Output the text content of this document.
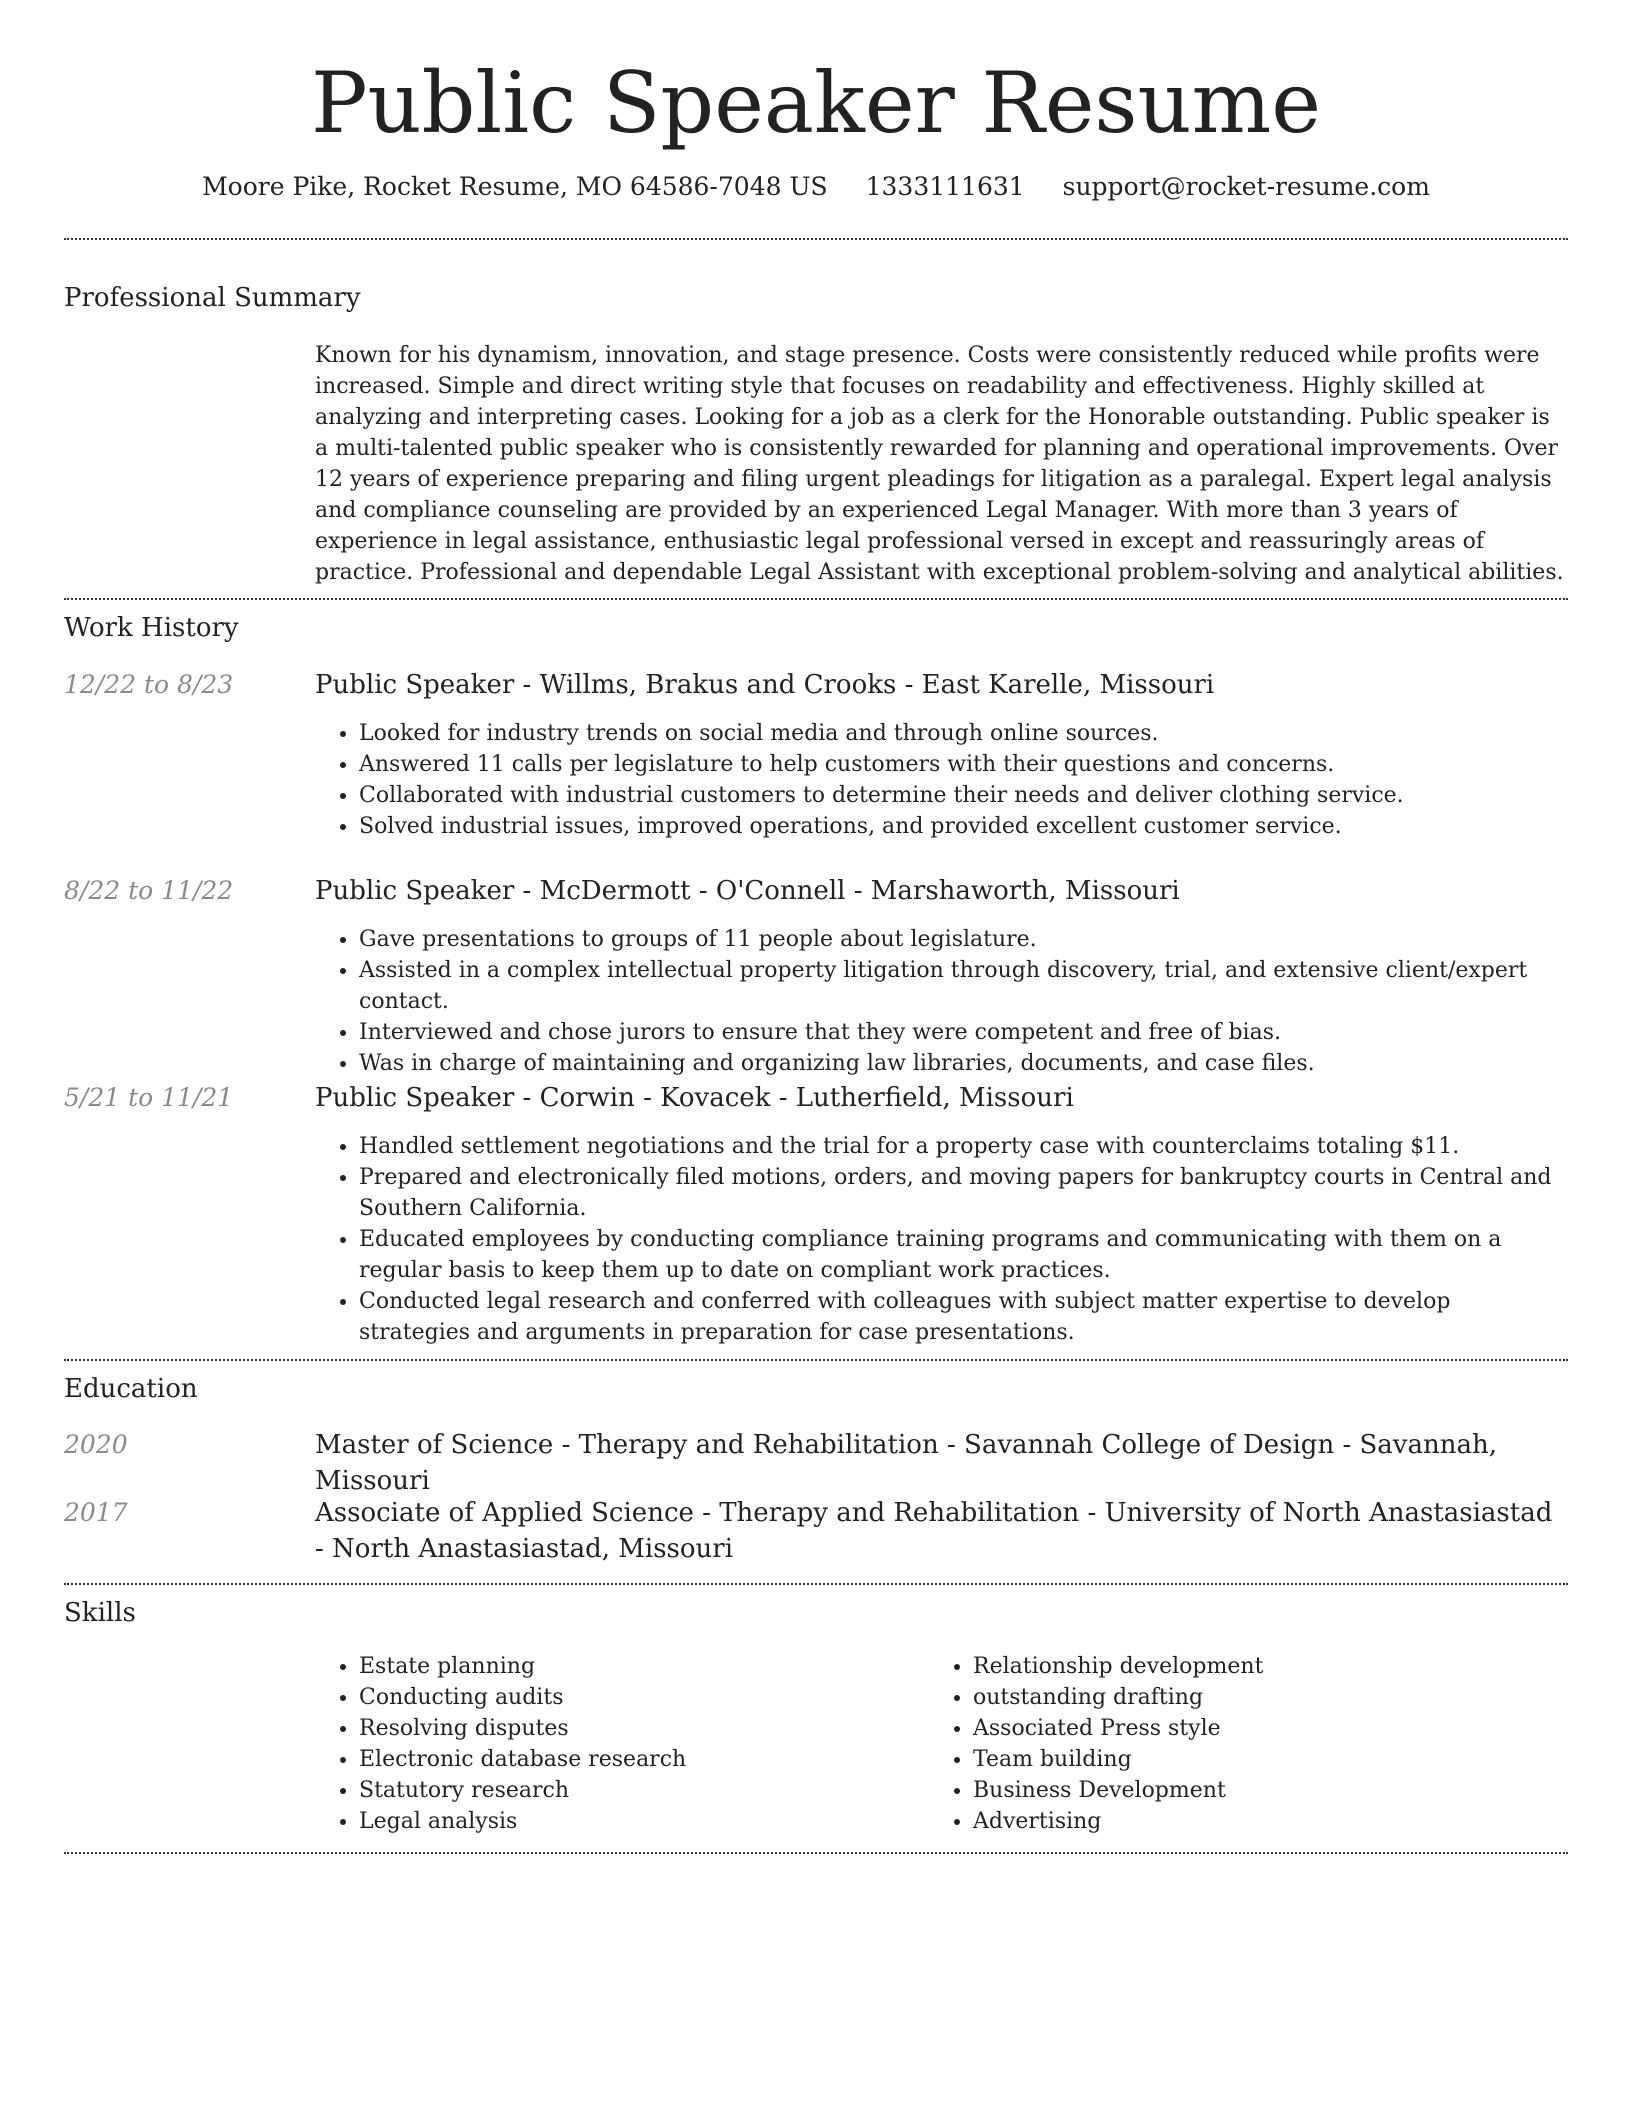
Public Speaker Resume
Moore Pike, Rocket Resume, MO 64586-7048 US 1333111631 support@rocket-resume.com
Professional Summary

Known for his dynamism, innovation, and stage presence. Costs were consistently reduced while profits were increased. Simple and direct writing style that focuses on readability and effectiveness. Highly skilled at analyzing and interpreting cases. Looking for a job as a clerk for the Honorable outstanding. Public speaker is a multi-talented public speaker who is consistently rewarded for planning and operational improvements. Over 12 years of experience preparing and filing urgent pleadings for litigation as a paralegal. Expert legal analysis and compliance counseling are provided by an experienced Legal Manager. With more than 3 years of experience in legal assistance, enthusiastic legal professional versed in except and reassuringly areas of practice. Professional and dependable Legal Assistant with exceptional problem-solving and analytical abilities.

Work History
12/22 to 8/23	Public Speaker - Willms, Brakus and Crooks - East Karelle, Missouri
• Looked for industry trends on social media and through online sources.
• Answered 11 calls per legislature to help customers with their questions and concerns.
• Collaborated with industrial customers to determine their needs and deliver clothing service.
• Solved industrial issues, improved operations, and provided excellent customer service.
8/22 to 11/22	Public Speaker - McDermott - O'Connell - Marshaworth, Missouri
• Gave presentations to groups of 11 people about legislature.
• Assisted in a complex intellectual property litigation through discovery, trial, and extensive client/expert contact.
• Interviewed and chose jurors to ensure that they were competent and free of bias.
• Was in charge of maintaining and organizing law libraries, documents, and case files.
5/21 to 11/21	Public Speaker - Corwin - Kovacek - Lutherfield, Missouri
• Handled settlement negotiations and the trial for a property case with counterclaims totaling $11.
• Prepared and electronically filed motions, orders, and moving papers for bankruptcy courts in Central and Southern California.
• Educated employees by conducting compliance training programs and communicating with them on a regular basis to keep them up to date on compliant work practices.
• Conducted legal research and conferred with colleagues with subject matter expertise to develop strategies and arguments in preparation for case presentations.
Education
2020	Master of Science - Therapy and Rehabilitation - Savannah College of Design - Savannah, Missouri
2017	Associate of Applied Science - Therapy and Rehabilitation - University of North Anastasiastad - North Anastasiastad, Missouri
Skills
• Estate planning
• Conducting audits
• Resolving disputes
• Electronic database research
• Statutory research
• Legal analysis
• Relationship development
• outstanding drafting
• Associated Press style
• Team building
• Business Development
• Advertising
